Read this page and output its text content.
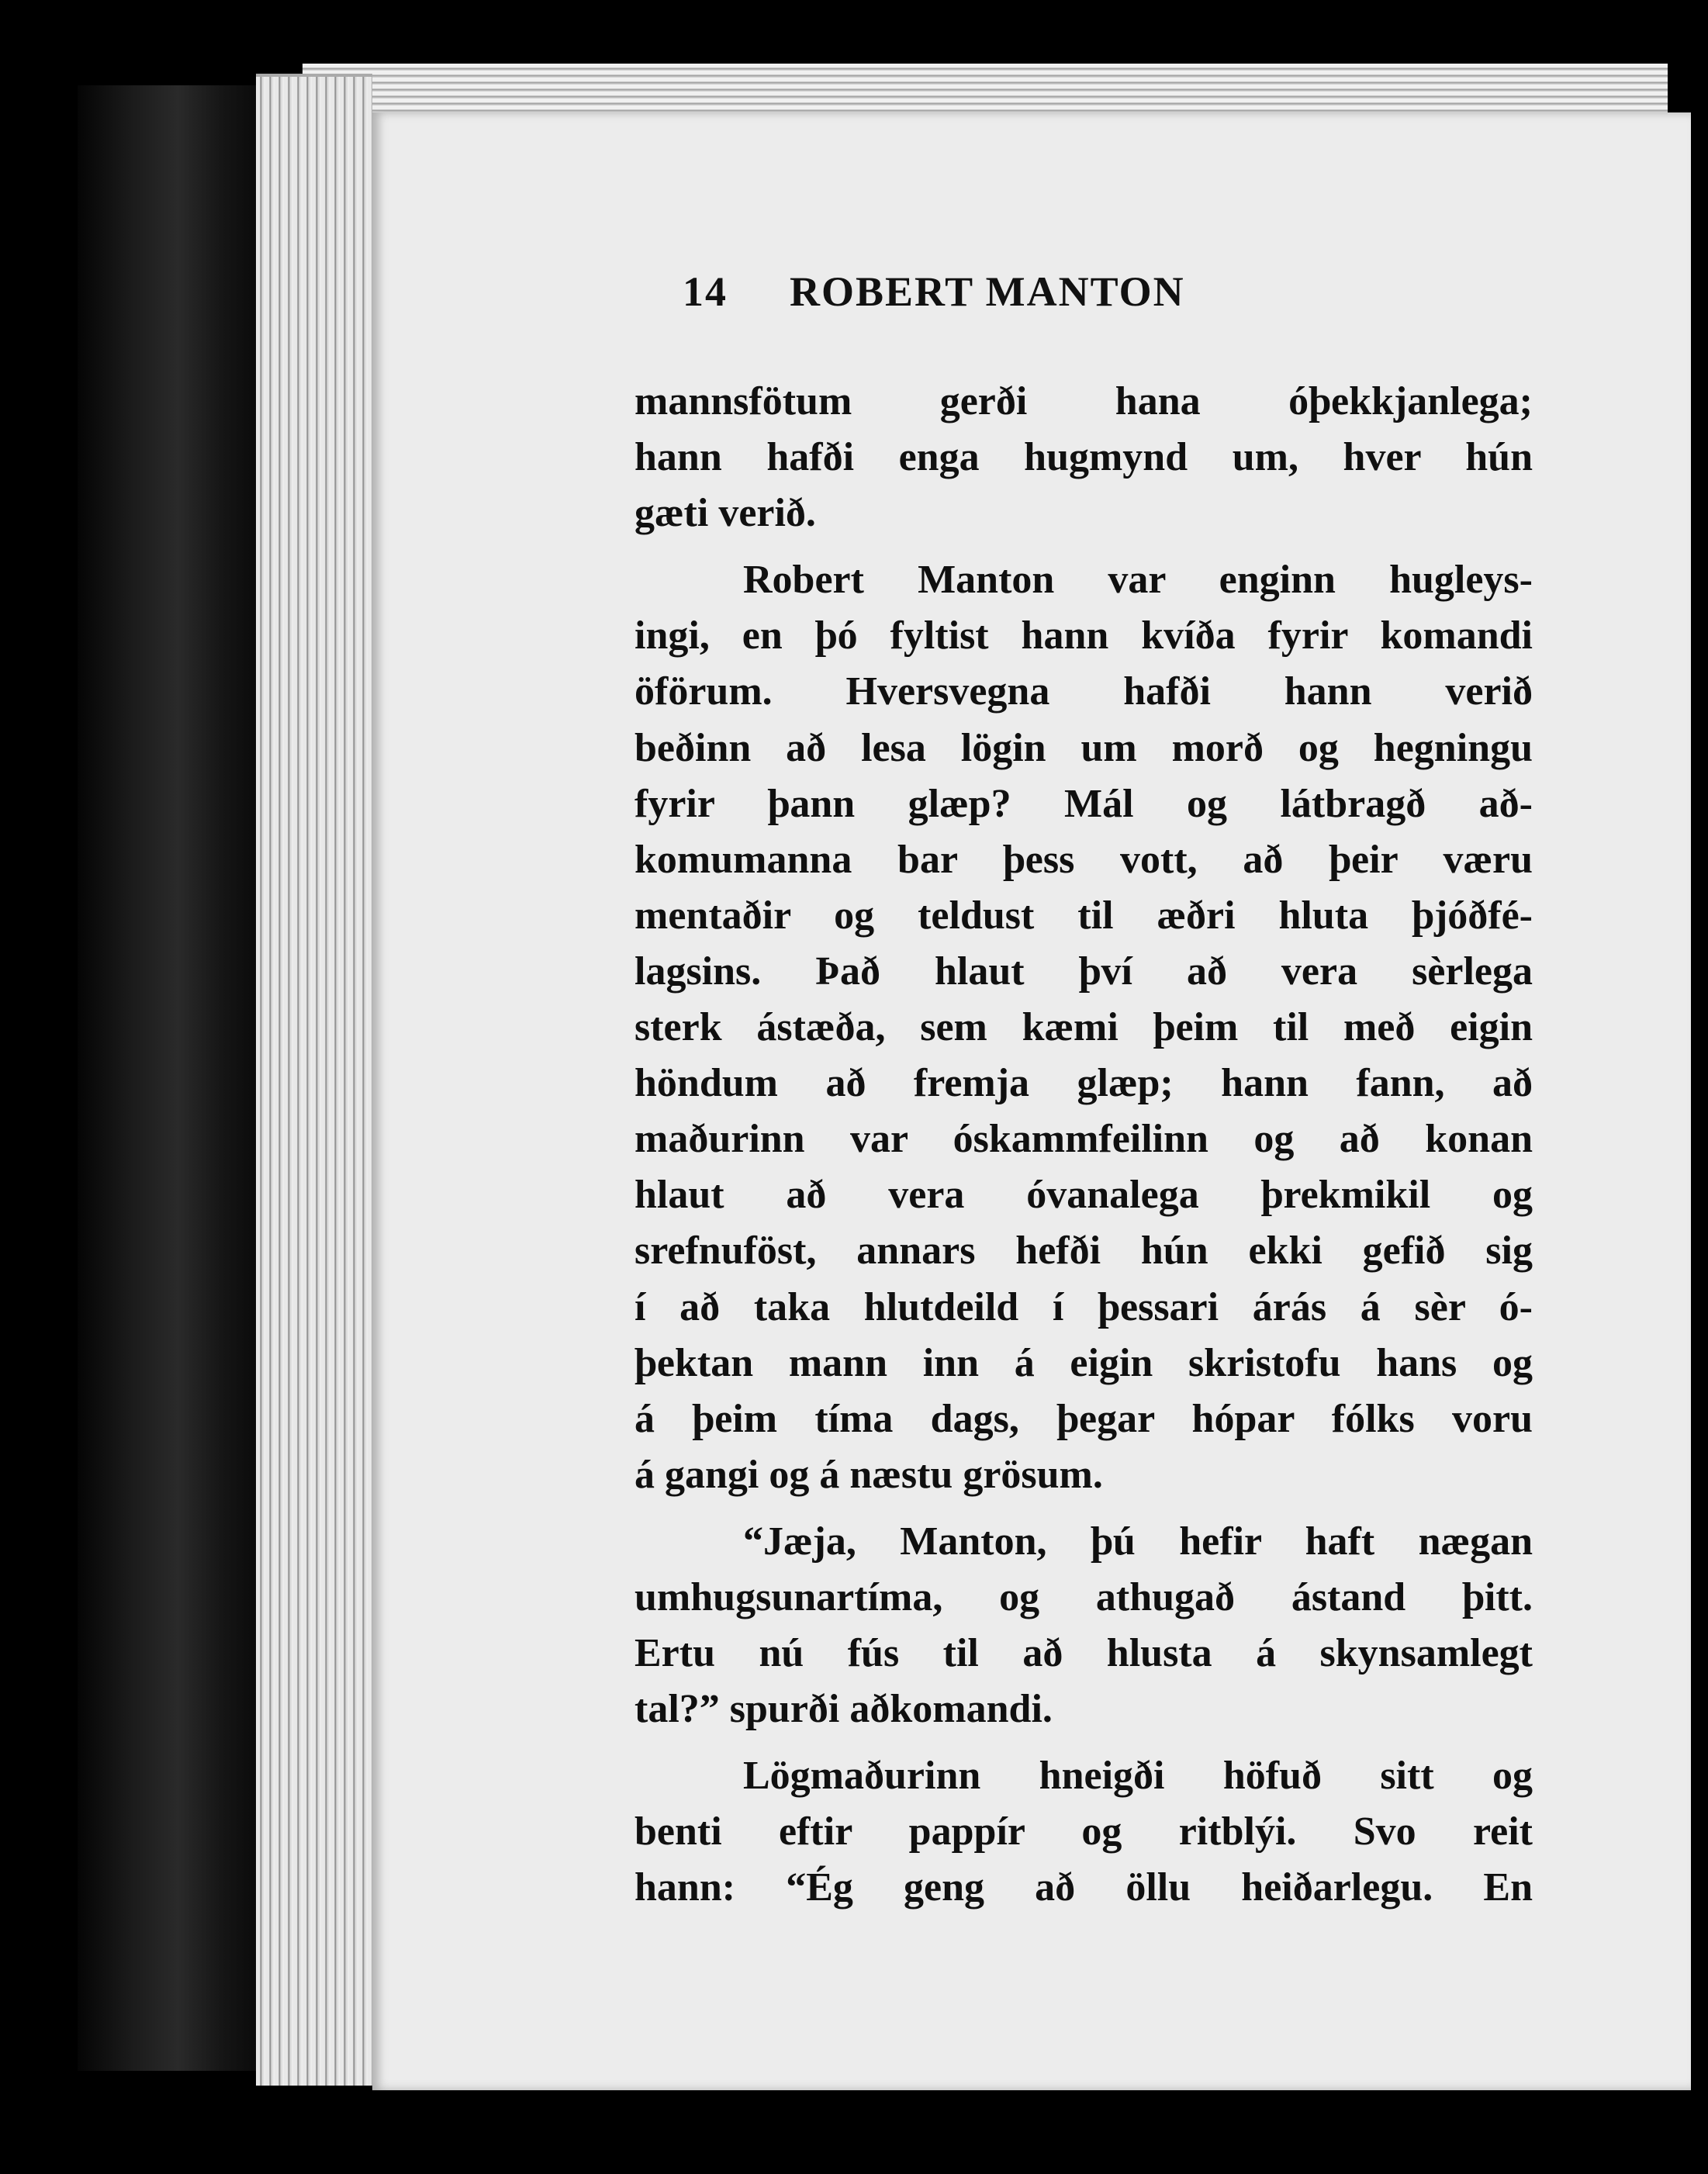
14 ROBERT MANTON
mannsfötum gerði hana óþekkjanlega;
hann hafði enga hugmynd um, hver hún
gæti verið.
Robert Manton var enginn hugleys-
ingi, en þó fyltist hann kvíða fyrir komandi
öförum. Hversvegna hafði hann verið
beðinn að lesa lögin um morð og hegningu
fyrir þann glæp? Mál og látbragð að-
komumanna bar þess vott, að þeir væru
mentaðir og teldust til æðri hluta þjóðfé-
lagsins. Það hlaut því að vera sèrlega
sterk ástæða, sem kæmi þeim til með eigin
höndum að fremja glæp; hann fann, að
maðurinn var óskammfeilinn og að konan
hlaut að vera óvanalega þrekmikil og
srefnuföst, annars hefði hún ekki gefið sig
í að taka hlutdeild í þessari árás á sèr ó-
þektan mann inn á eigin skristofu hans og
á þeim tíma dags, þegar hópar fólks voru
á gangi og á næstu grösum.
“Jæja, Manton, þú hefir haft nægan
umhugsunartíma, og athugað ástand þitt.
Ertu nú fús til að hlusta á skynsamlegt
tal?” spurði aðkomandi.
Lögmaðurinn hneigði höfuð sitt og
benti eftir pappír og ritblýi. Svo reit
hann: “Ég geng að öllu heiðarlegu. En
